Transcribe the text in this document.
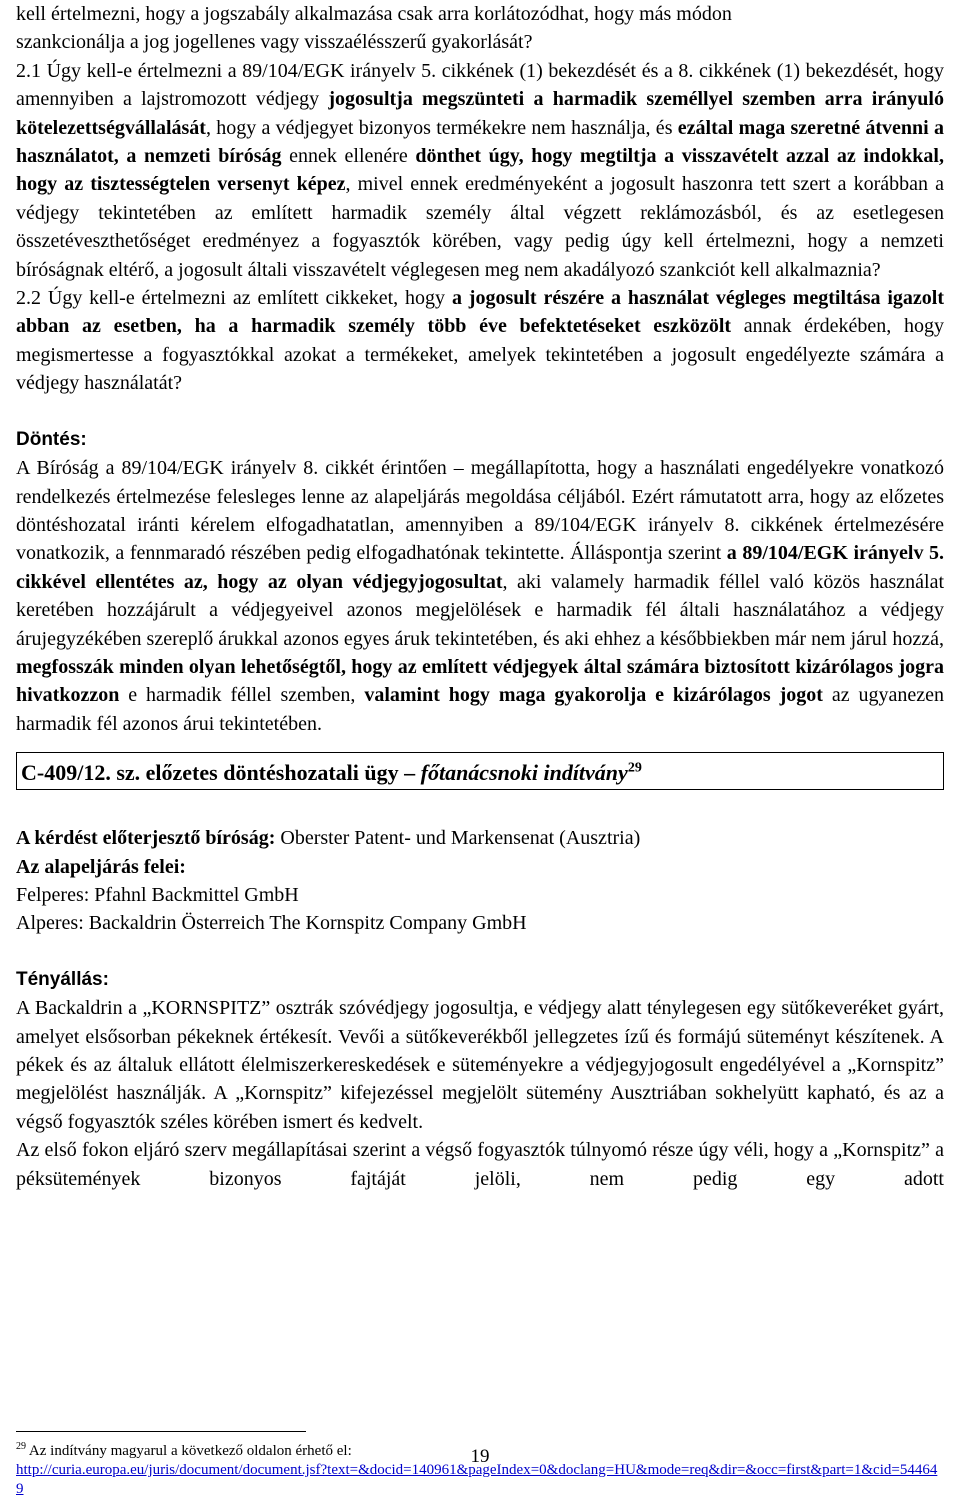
kell értelmezni, hogy a jogszabály alkalmazása csak arra korlátozódhat, hogy más módon
szankcionálja a jog jogellenes vagy visszaélésszerű gyakorlását?

2.1 Úgy kell-e értelmezni a 89/104/EGK irányelv 5. cikkének (1) bekezdését és a 8. cikkének (1) bekezdését, hogy amennyiben a lajstromozott védjegy jogosultja megszünteti a harmadik személlyel szemben arra irányuló kötelezettségvállalását, hogy a védjegyet bizonyos termékekre nem használja, és ezáltal maga szeretné átvenni a használatot, a nemzeti bíróság ennek ellenére dönthet úgy, hogy megtiltja a visszavételt azzal az indokkal, hogy az tisztességtelen versenyt képez, mivel ennek eredményeként a jogosult haszonra tett szert a korábban a védjegy tekintetében az említett harmadik személy által végzett reklámozásból, és az esetlegesen összetéveszthetőséget eredményez a fogyasztók körében, vagy pedig úgy kell értelmezni, hogy a nemzeti bíróságnak eltérő, a jogosult általi visszavételt véglegesen meg nem akadályozó szankciót kell alkalmaznia?

2.2 Úgy kell-e értelmezni az említett cikkeket, hogy a jogosult részére a használat végleges megtiltása igazolt abban az esetben, ha a harmadik személy több éve befektetéseket eszközölt annak érdekében, hogy megismertesse a fogyasztókkal azokat a termékeket, amelyek tekintetében a jogosult engedélyezte számára a védjegy használatát?

Döntés:

A Bíróság a 89/104/EGK irányelv 8. cikkét érintően – megállapította, hogy a használati engedélyekre vonatkozó rendelkezés értelmezése felesleges lenne az alapeljárás megoldása céljából. Ezért rámutatott arra, hogy az előzetes döntéshozatal iránti kérelem elfogadhatatlan, amennyiben a 89/104/EGK irányelv 8. cikkének értelmezésére vonatkozik, a fennmaradó részében pedig elfogadhatónak tekintette. Álláspontja szerint a 89/104/EGK irányelv 5. cikkével ellentétes az, hogy az olyan védjegyjogosultat, aki valamely harmadik féllel való közös használat keretében hozzájárult a védjegyeivel azonos megjelölések e harmadik fél általi használatához a védjegy árujegyzékében szereplő árukkal azonos egyes áruk tekintetében, és aki ehhez a későbbiekben már nem járul hozzá, megfosszák minden olyan lehetőségtől, hogy az említett védjegyek által számára biztosított kizárólagos jogra hivatkozzon e harmadik féllel szemben, valamint hogy maga gyakorolja e kizárólagos jogot az ugyanezen harmadik fél azonos árui tekintetében.

C-409/12. sz. előzetes döntéshozatali ügy – főtanácsnoki indítvány$^{29}$

A kérdést előterjesztő bíróság: Oberster Patent- und Markensenat (Ausztria)

Az alapeljárás felei:

Felperes: Pfahnl Backmittel GmbH

Alperes: Backaldrin Österreich The Kornspitz Company GmbH

Tényállás:

A Backaldrin a „KORNSPITZ” osztrák szóvédjegy jogosultja, e védjegy alatt ténylegesen egy sütőkeveréket gyárt, amelyet elsősorban pékeknek értékesít. Vevői a sütőkeverékből jellegzetes ízű és formájú süteményt készítenek. A pékek és az általuk ellátott élelmiszerkereskedések e süteményekre a védjegyjogosult engedélyével a „Kornspitz” megjelölést használják. A „Kornspitz” kifejezéssel megjelölt sütemény Ausztriában sokhelyütt kapható, és az a végső fogyasztók széles körében ismert és kedvelt.

Az első fokon eljáró szerv megállapításai szerint a végső fogyasztók túlnyomó része úgy véli, hogy a „Kornspitz” a péksütemények bizonyos fajtáját jelöli, nem pedig egy adott

$^{29}$ Az indítvány magyarul a következő oldalon érhető el:
http://curia.europa.eu/juris/document/document.jsf?text=&docid=140961&pageIndex=0&doclang=HU&mode=req&dir=&occ=first&part=1&cid=544649

19
